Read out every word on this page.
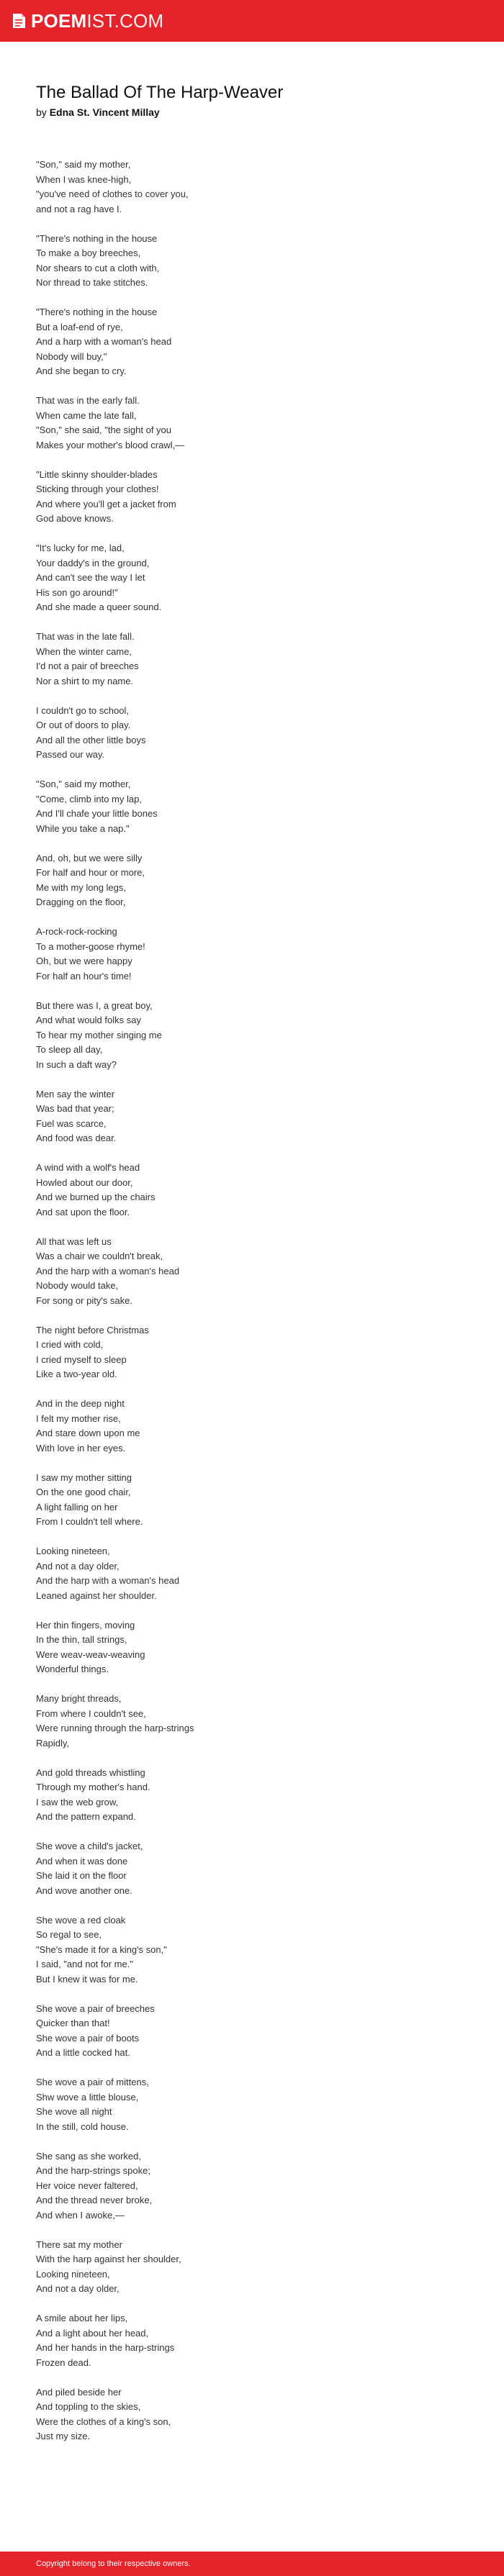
POEMIST.COM
The Ballad Of The Harp-Weaver
by Edna St. Vincent Millay

"Son," said my mother,
When I was knee-high,
"you've need of clothes to cover you,
and not a rag have I.

"There's nothing in the house
To make a boy breeches,
Nor shears to cut a cloth with,
Nor thread to take stitches.

"There's nothing in the house
But a loaf-end of rye,
And a harp with a woman's head
Nobody will buy,"
And she began to cry.

That was in the early fall.
When came the late fall,
"Son," she said, "the sight of you
Makes your mother's blood crawl,—

"Little skinny shoulder-blades
Sticking through your clothes!
And where you'll get a jacket from
God above knows.

"It's lucky for me, lad,
Your daddy's in the ground,
And can't see the way I let
His son go around!"
And she made a queer sound.

That was in the late fall.
When the winter came,
I'd not a pair of breeches
Nor a shirt to my name.

I couldn't go to school,
Or out of doors to play.
And all the other little boys
Passed our way.

"Son," said my mother,
"Come, climb into my lap,
And I'll chafe your little bones
While you take a nap."

And, oh, but we were silly
For half and hour or more,
Me with my long legs,
Dragging on the floor,

A-rock-rock-rocking
To a mother-goose rhyme!
Oh, but we were happy
For half an hour's time!

But there was I, a great boy,
And what would folks say
To hear my mother singing me
To sleep all day,
In such a daft way?

Men say the winter
Was bad that year;
Fuel was scarce,
And food was dear.

A wind with a wolf's head
Howled about our door,
And we burned up the chairs
And sat upon the floor.

All that was left us
Was a chair we couldn't break,
And the harp with a woman's head
Nobody would take,
For song or pity's sake.

The night before Christmas
I cried with cold,
I cried myself to sleep
Like a two-year old.

And in the deep night
I felt my mother rise,
And stare down upon me
With love in her eyes.

I saw my mother sitting
On the one good chair,
A light falling on her
From I couldn't tell where.

Looking nineteen,
And not a day older,
And the harp with a woman's head
Leaned against her shoulder.

Her thin fingers, moving
In the thin, tall strings,
Were weav-weav-weaving
Wonderful things.

Many bright threads,
From where I couldn't see,
Were running through the harp-strings
Rapidly,

And gold threads whistling
Through my mother's hand.
I saw the web grow,
And the pattern expand.

She wove a child's jacket,
And when it was done
She laid it on the floor
And wove another one.

She wove a red cloak
So regal to see,
"She's made it for a king's son,"
I said, "and not for me."
But I knew it was for me.

She wove a pair of breeches
Quicker than that!
She wove a pair of boots
And a little cocked hat.

She wove a pair of mittens,
Shw wove a little blouse,
She wove all night
In the still, cold house.

She sang as she worked,
And the harp-strings spoke;
Her voice never faltered,
And the thread never broke,
And when I awoke,—

There sat my mother
With the harp against her shoulder,
Looking nineteen,
And not a day older,

A smile about her lips,
And a light about her head,
And her hands in the harp-strings
Frozen dead.

And piled beside her
And toppling to the skies,
Were the clothes of a king's son,
Just my size.

Copyright belong to their respective owners.
